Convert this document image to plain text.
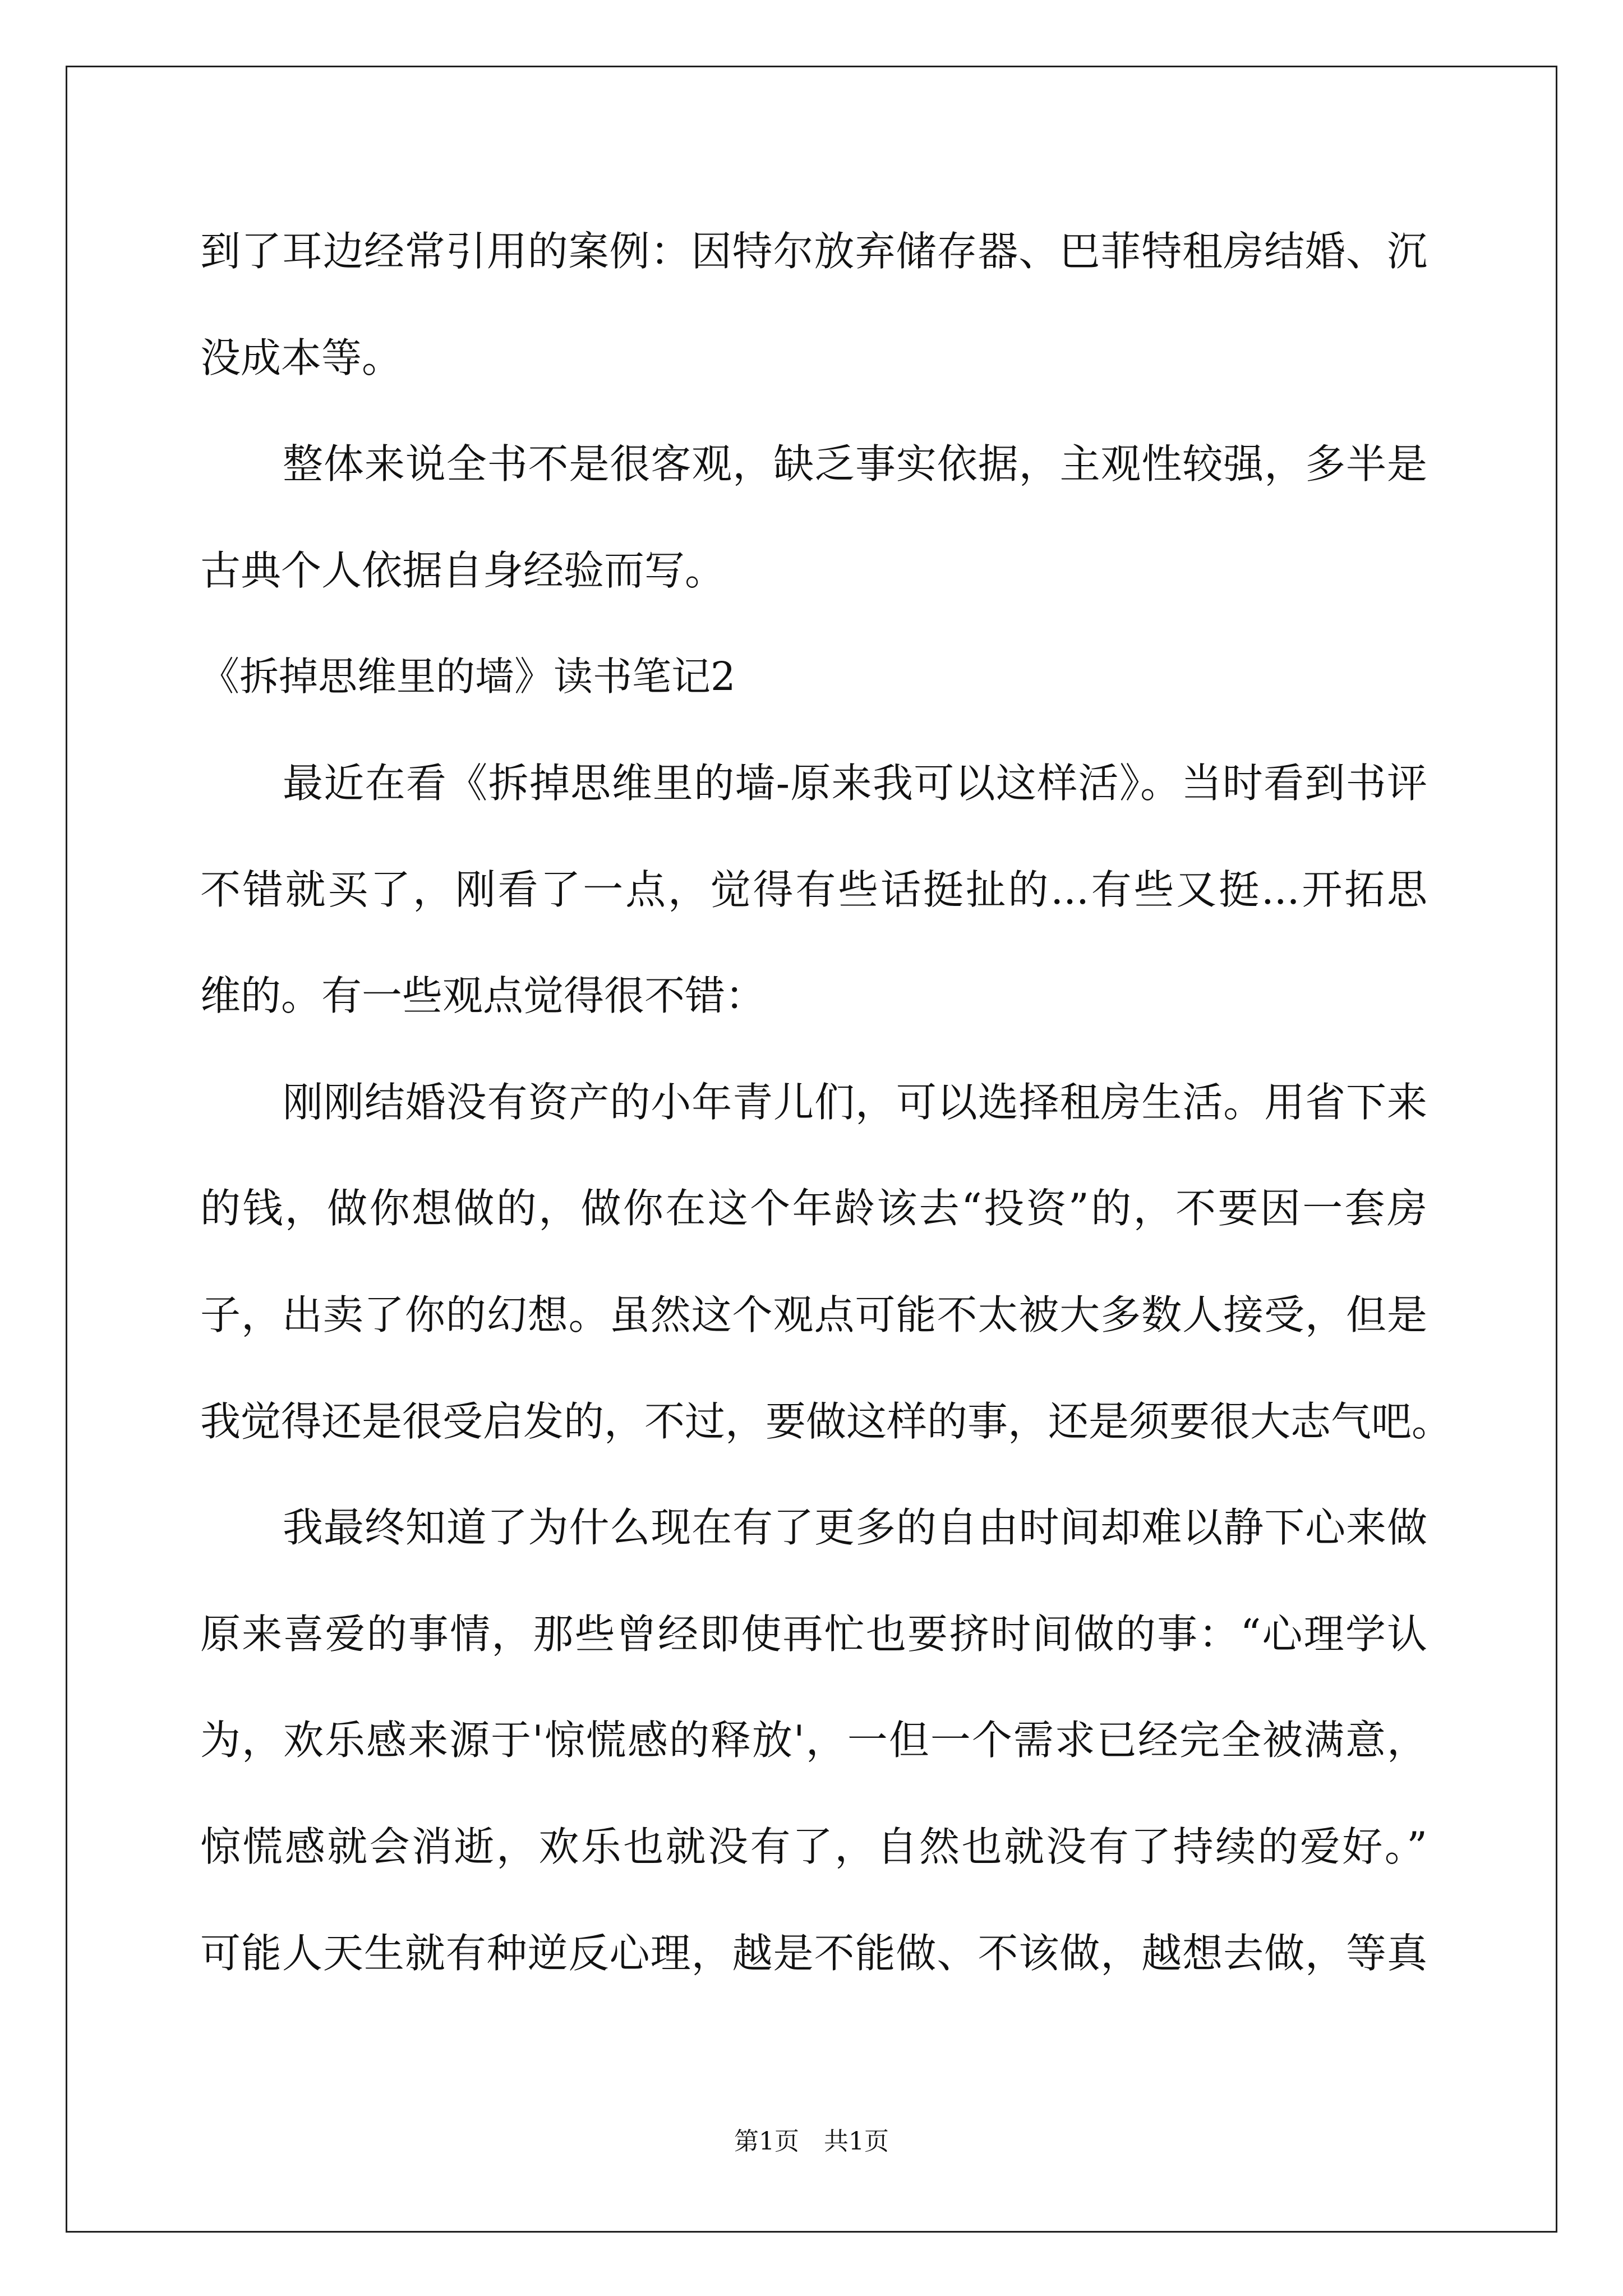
到了耳边经常引用的案例：因特尔放弃储存器、巴菲特租房结婚、沉
没成本等。
整体来说全书不是很客观，缺乏事实依据，主观性较强，多半是
古典个人依据自身经验而写。
《拆掉思维里的墙》读书笔记2
最近在看《拆掉思维里的墙-原来我可以这样活》。当时看到书评
不错就买了，刚看了一点，觉得有些话挺扯的...有些又挺...开拓思
维的。有一些观点觉得很不错：
刚刚结婚没有资产的小年青儿们，可以选择租房生活。用省下来
的钱，做你想做的，做你在这个年龄该去“投资”的，不要因一套房
子，出卖了你的幻想。虽然这个观点可能不太被大多数人接受，但是
我觉得还是很受启发的，不过，要做这样的事，还是须要很大志气吧。
我最终知道了为什么现在有了更多的自由时间却难以静下心来做
原来喜爱的事情，那些曾经即使再忙也要挤时间做的事：“心理学认
为，欢乐感来源于'惊慌感的释放'，一但一个需求已经完全被满意，
惊慌感就会消逝，欢乐也就没有了，自然也就没有了持续的爱好。”
可能人天生就有种逆反心理，越是不能做、不该做，越想去做，等真
第1页 共1页
